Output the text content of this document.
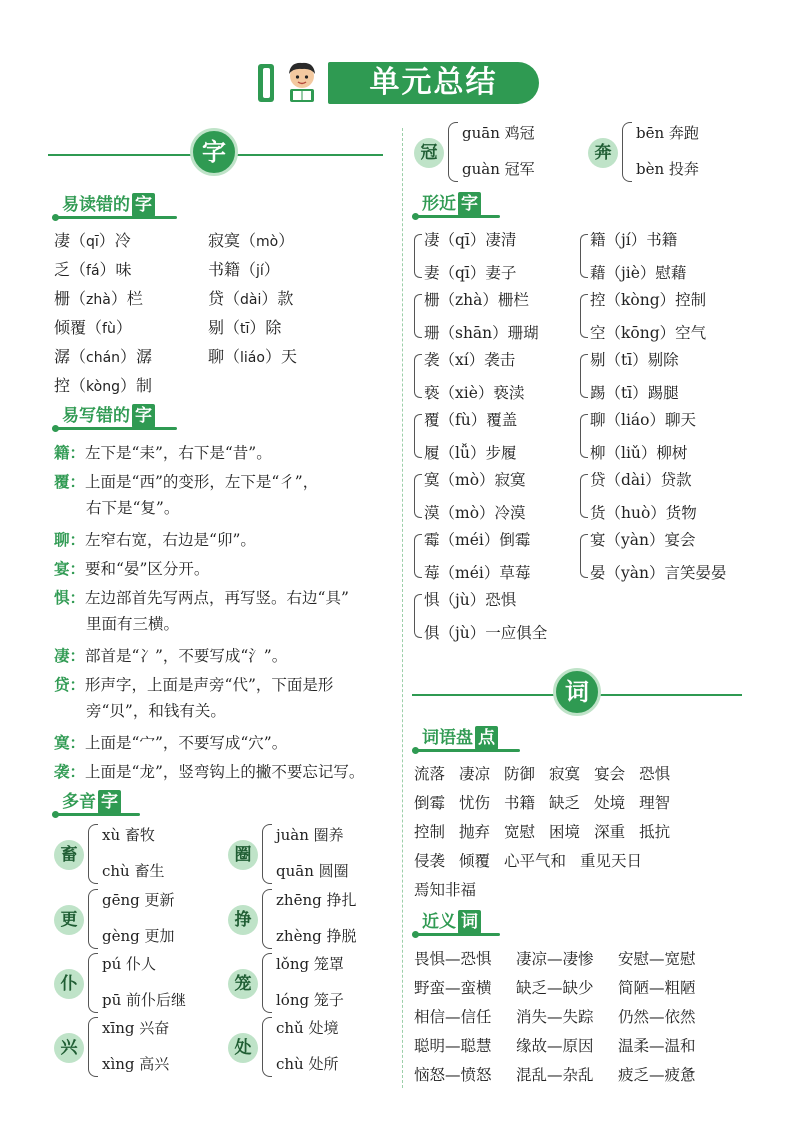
单元总结
字
易读错的 字
凄（qī）冷	寂寞（mò）
乏（fá）味	书籍（jí）
栅（zhà）栏	贷（dài）款
倾覆（fù）	剔（tī）除
潺（chán）潺	聊（liáo）天
控（kòng）制
易写错的 字
籍：左下是“耒”，右下是“昔”。
覆：上面是“西”的变形，左下是“彳”，
右下是“复”。
聊：左窄右宽，右边是“卯”。
宴：要和“晏”区分开。
惧：左边部首先写两点，再写竖。右边“具”
里面有三横。
凄：部首是“冫”，不要写成“氵”。
贷：形声字，上面是声旁“代”，下面是形
旁“贝”，和钱有关。
寞：上面是“宀”，不要写成“穴”。
袭：上面是“龙”，竖弯钩上的撇不要忘记写。
多音 字
畜
xù 畜牧
chù 畜生
圈
juàn 圈养
quān 圆圈
更
gēng 更新
gèng 更加
挣
zhēng 挣扎
zhèng 挣脱
仆
pú 仆人
pū 前仆后继
笼
lǒng 笼罩
lóng 笼子
兴
xīng 兴奋
xìng 高兴
处
chǔ 处境
chù 处所
冠
guān 鸡冠
guàn 冠军
奔
bēn 奔跑
bèn 投奔
形近 字
凄（qī）凄清
妻（qī）妻子
籍（jí）书籍
藉（jiè）慰藉
栅（zhà）栅栏
珊（shān）珊瑚
控（kòng）控制
空（kōng）空气
袭（xí）袭击
亵（xiè）亵渎
剔（tī）剔除
踢（tī）踢腿
覆（fù）覆盖
履（lǚ）步履
聊（liáo）聊天
柳（liǔ）柳树
寞（mò）寂寞
漠（mò）冷漠
贷（dài）贷款
货（huò）货物
霉（méi）倒霉
莓（méi）草莓
宴（yàn）宴会
晏（yàn）言笑晏晏
惧（jù）恐惧
俱（jù）一应俱全
词
词语盘 点
流落 凄凉 防御 寂寞 宴会 恐惧
倒霉 忧伤 书籍 缺乏 处境 理智
控制 抛弃 宽慰 困境 深重 抵抗
侵袭 倾覆 心平气和 重见天日
焉知非福
近义 词
畏惧—恐惧 凄凉—凄惨 安慰—宽慰
野蛮—蛮横 缺乏—缺少 简陋—粗陋
相信—信任 消失—失踪 仍然—依然
聪明—聪慧 缘故—原因 温柔—温和
恼怒—愤怒 混乱—杂乱 疲乏—疲惫
